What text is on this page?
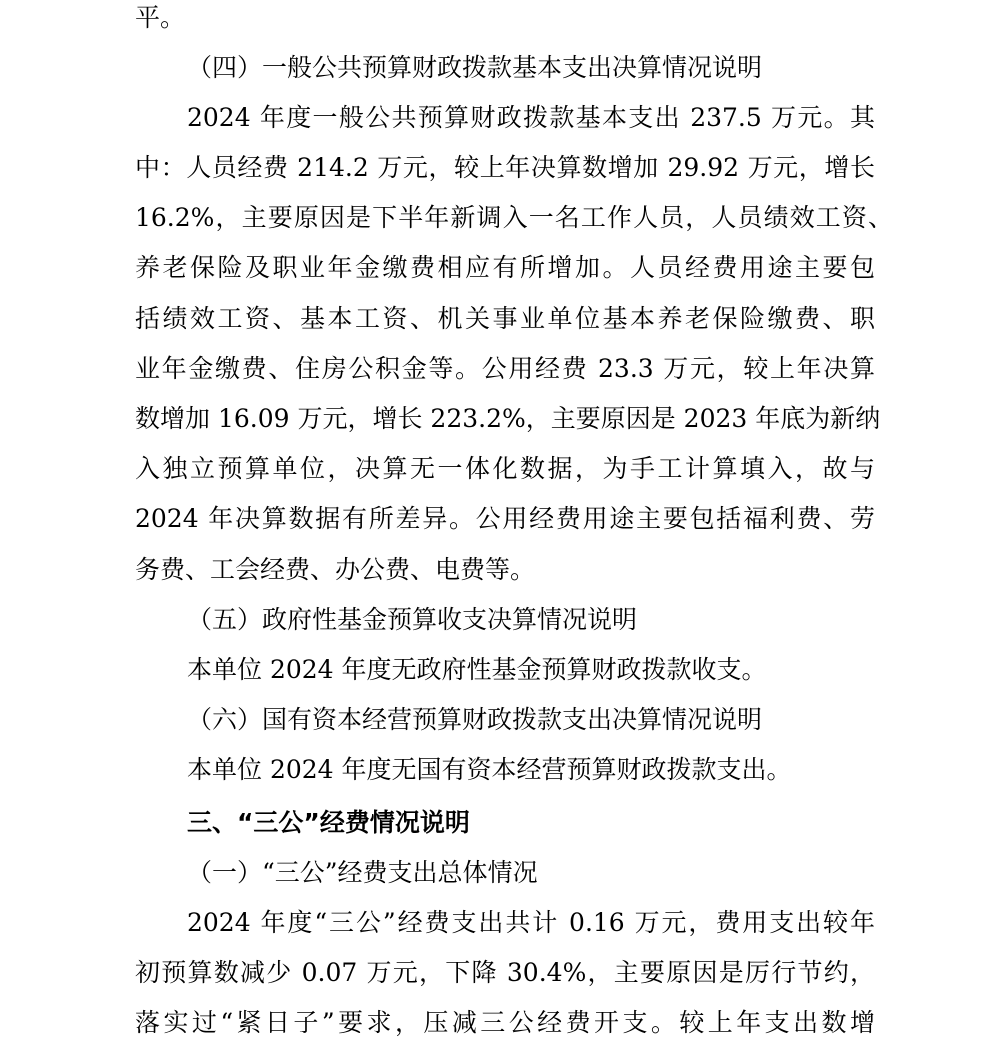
平。
（四）一般公共预算财政拨款基本支出决算情况说明
2024 年度一般公共预算财政拨款基本支出 237.5 万元。其
中：人员经费 214.2 万元，较上年决算数增加 29.92 万元，增长
16.2%，主要原因是下半年新调入一名工作人员，人员绩效工资、
养老保险及职业年金缴费相应有所增加。人员经费用途主要包
括绩效工资、基本工资、机关事业单位基本养老保险缴费、职
业年金缴费、住房公积金等。公用经费 23.3 万元，较上年决算
数增加 16.09 万元，增长 223.2%，主要原因是 2023 年底为新纳
入独立预算单位，决算无一体化数据，为手工计算填入，故与
2024 年决算数据有所差异。公用经费用途主要包括福利费、劳
务费、工会经费、办公费、电费等。
（五）政府性基金预算收支决算情况说明
本单位 2024 年度无政府性基金预算财政拨款收支。
（六）国有资本经营预算财政拨款支出决算情况说明
本单位 2024 年度无国有资本经营预算财政拨款支出。
三、“三公”经费情况说明
（一）“三公”经费支出总体情况
2024 年度“三公”经费支出共计 0.16 万元，费用支出较年
初预算数减少 0.07 万元，下降 30.4%，主要原因是厉行节约，
落实过“紧日子”要求，压减三公经费开支。较上年支出数增
